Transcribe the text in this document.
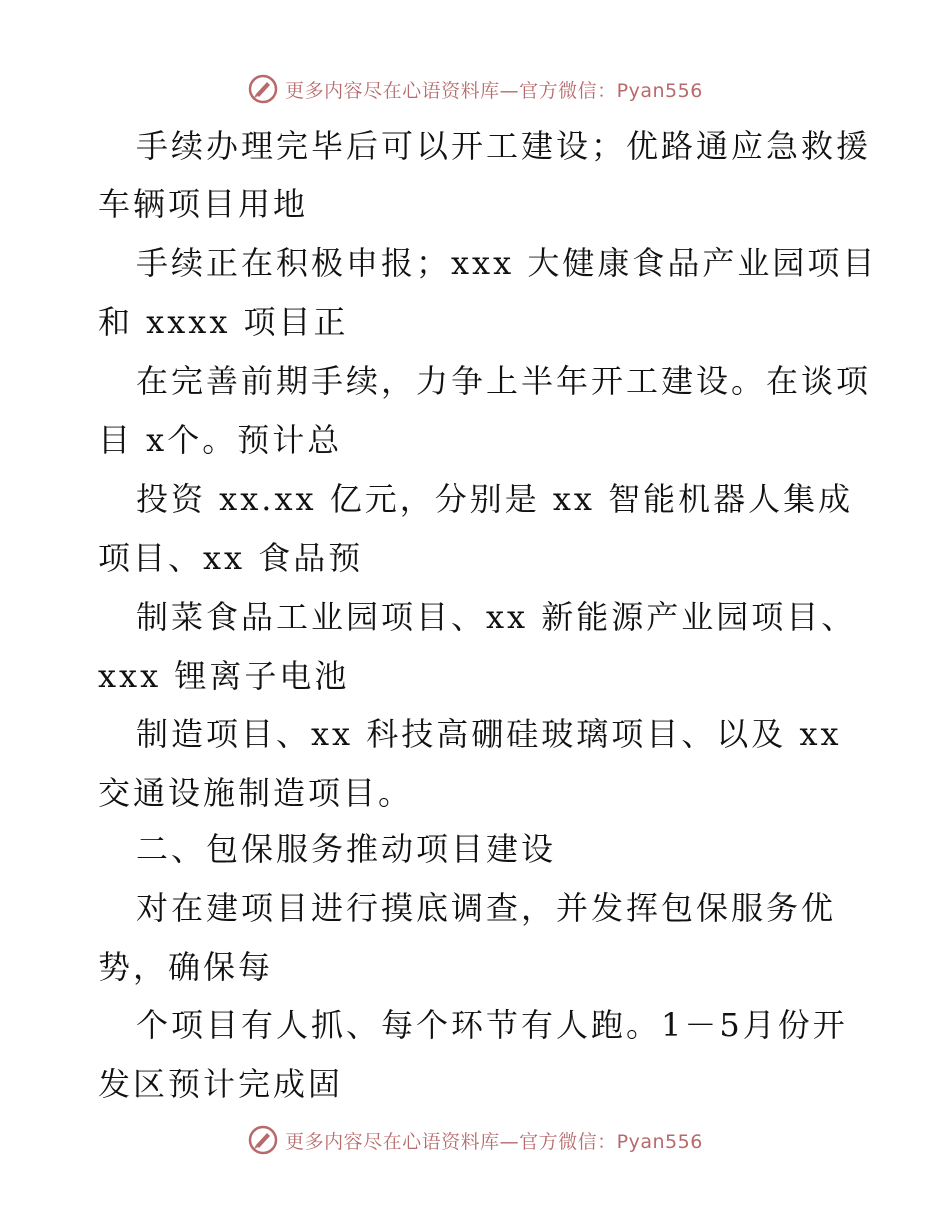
更多内容尽在心语资料库—官方微信：Pyan556
手续办理完毕后可以开工建设；优路通应急救援
车辆项目用地
手续正在积极申报；xxx 大健康食品产业园项目
和 xxxx 项目正
在完善前期手续，力争上半年开工建设。在谈项
目 x个。预计总
投资 xx.xx 亿元，分别是 xx 智能机器人集成
项目、xx 食品预
制菜食品工业园项目、xx 新能源产业园项目、
xxx 锂离子电池
制造项目、xx 科技高硼硅玻璃项目、以及 xx
交通设施制造项目。
二、包保服务推动项目建设
对在建项目进行摸底调查，并发挥包保服务优
势，确保每
个项目有人抓、每个环节有人跑。1－5月份开
发区预计完成固
更多内容尽在心语资料库—官方微信：Pyan556
